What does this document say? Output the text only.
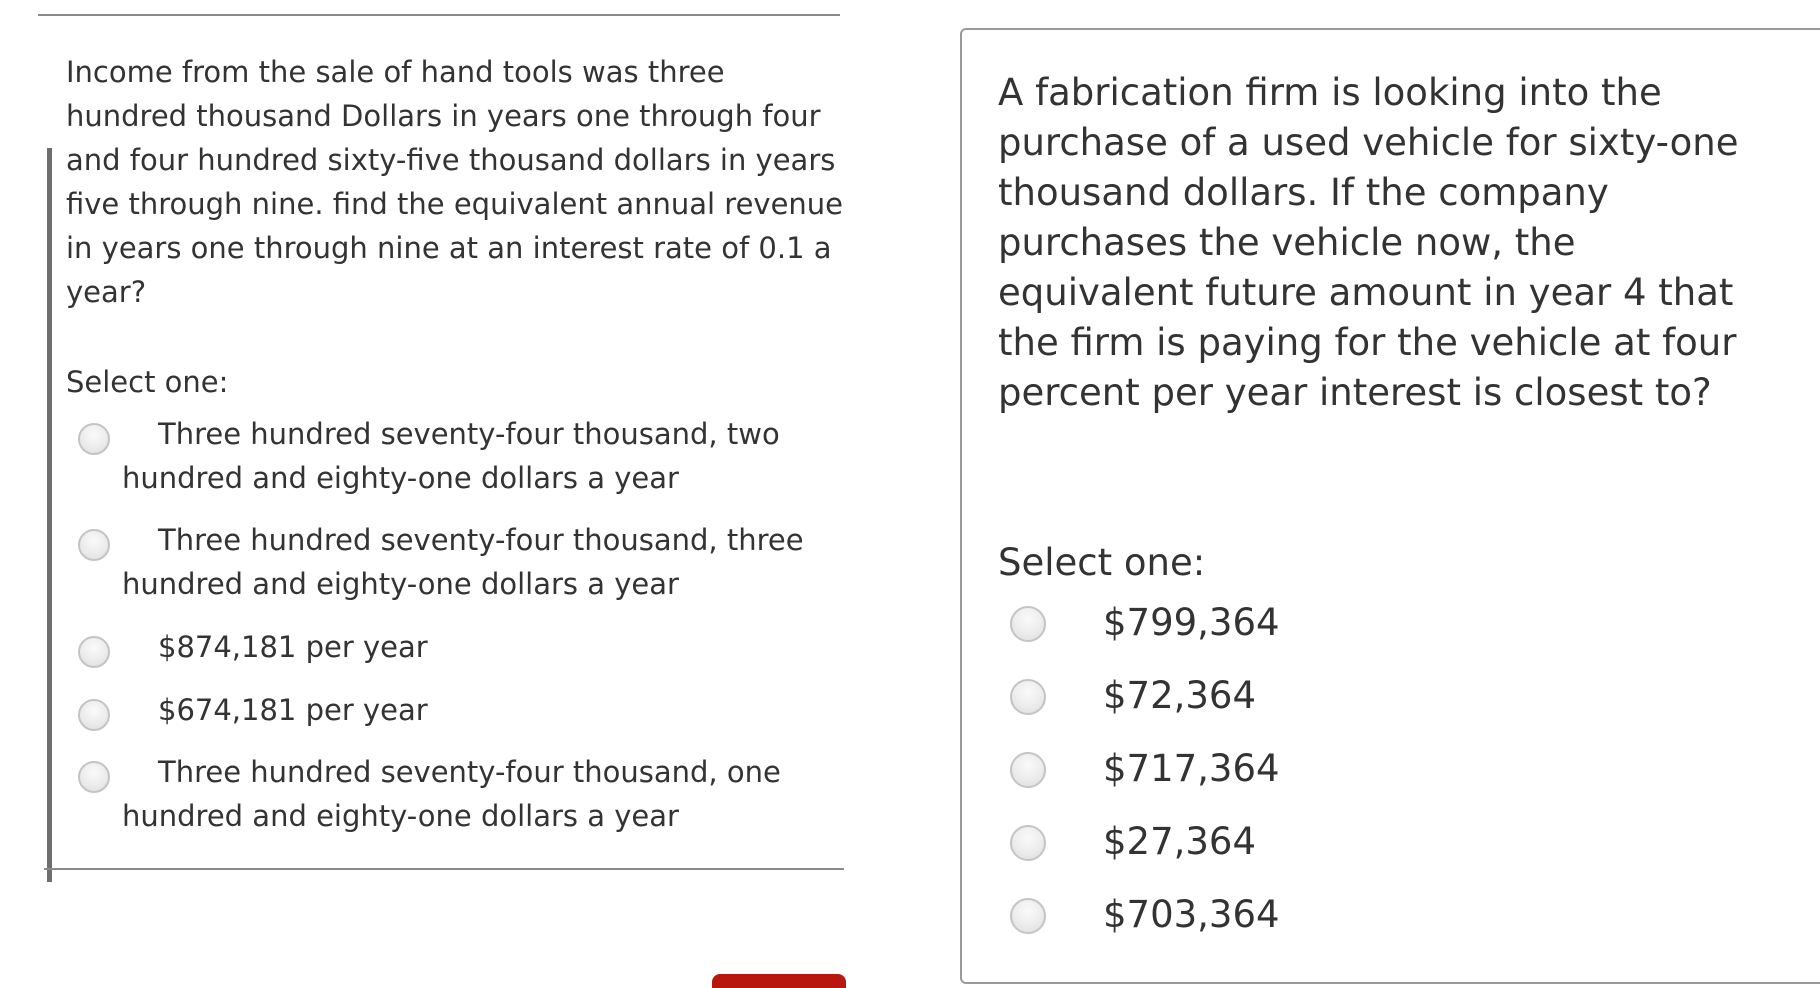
Income from the sale of hand tools was three hundred thousand Dollars in years one through four and four hundred sixty-five thousand dollars in years five through nine. find the equivalent annual revenue in years one through nine at an interest rate of 0.1 a year?
Select one:
Three hundred seventy-four thousand, two hundred and eighty-one dollars a year
Three hundred seventy-four thousand, three hundred and eighty-one dollars a year
$874,181 per year
$674,181 per year
Three hundred seventy-four thousand, one hundred and eighty-one dollars a year
A fabrication firm is looking into the purchase of a used vehicle for sixty-one thousand dollars. If the company purchases the vehicle now, the equivalent future amount in year 4 that the firm is paying for the vehicle at four percent per year interest is closest to?
Select one:
$799,364
$72,364
$717,364
$27,364
$703,364
